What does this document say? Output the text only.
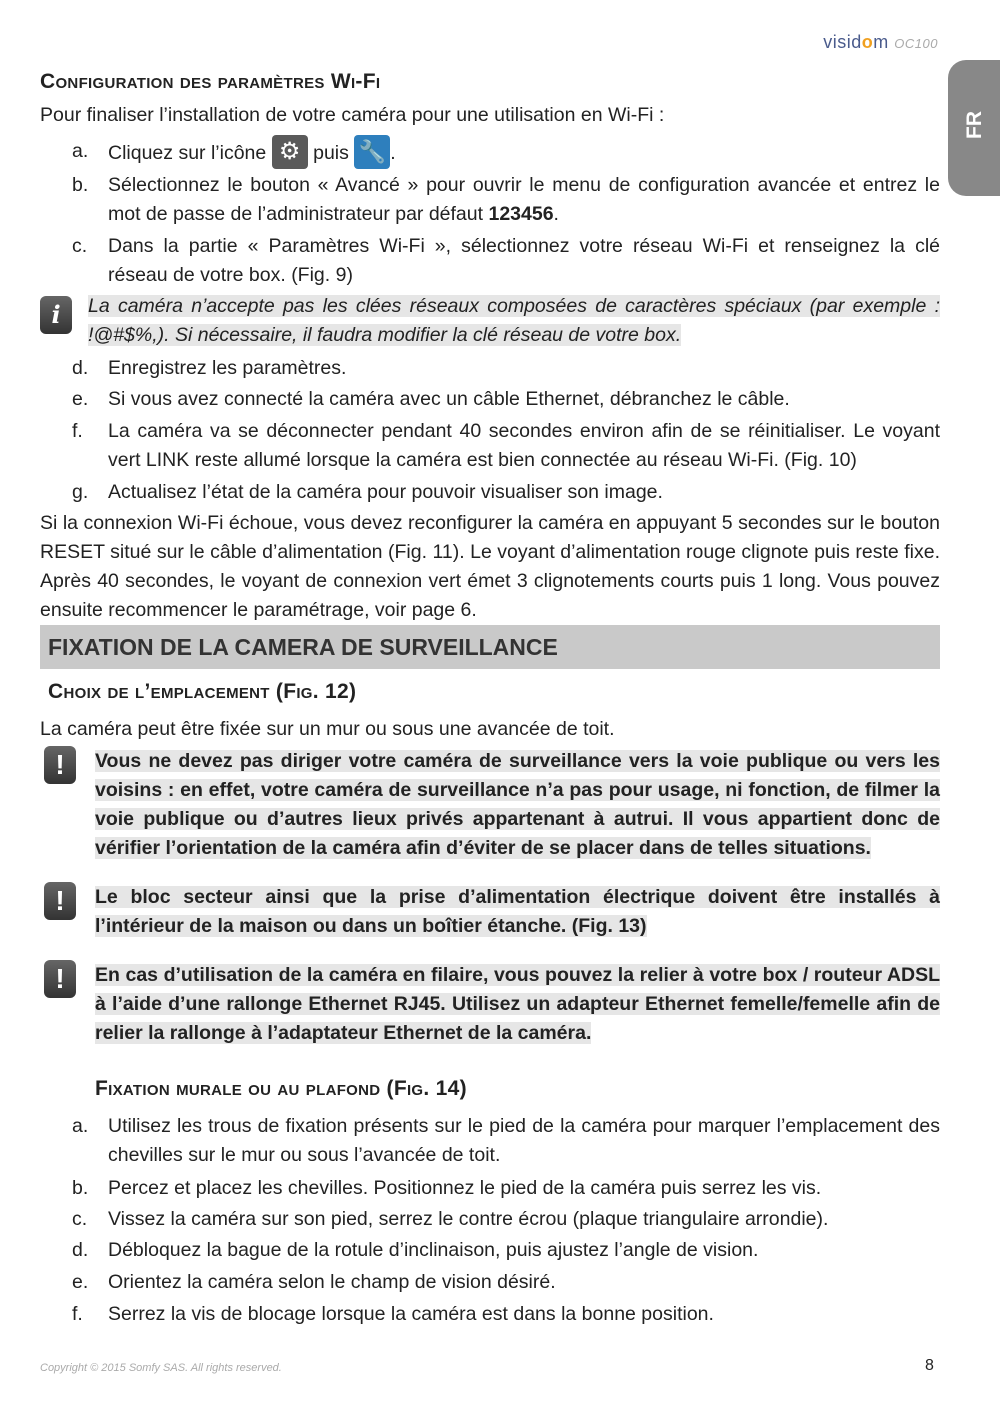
visidom OC100
FR
Configuration des paramètres Wi-Fi
Pour finaliser l’installation de votre caméra pour une utilisation en Wi-Fi :
a. Cliquez sur l’icône ⚙ puis 🔧 .
b. Sélectionnez le bouton « Avancé » pour ouvrir le menu de configuration avancée et entrez le mot de passe de l’administrateur par défaut 123456.
c. Dans la partie « Paramètres Wi-Fi », sélectionnez votre réseau Wi-Fi et renseignez la clé réseau de votre box. (Fig. 9)
i	La caméra n’accepte pas les clées réseaux composées de caractères spéciaux (par exemple : !@#$%,). Si nécessaire, il faudra modifier la clé réseau de votre box.
d. Enregistrez les paramètres.
e. Si vous avez connecté la caméra avec un câble Ethernet, débranchez le câble.
f.	La caméra va se déconnecter pendant 40 secondes environ afin de se réinitialiser. Le voyant vert LINK reste allumé lorsque la caméra est bien connectée au réseau Wi-Fi. (Fig. 10)
g. Actualisez l’état de la caméra pour pouvoir visualiser son image.
Si la connexion Wi-Fi échoue, vous devez reconfigurer la caméra en appuyant 5 secondes sur le bouton RESET situé sur le câble d’alimentation (Fig. 11). Le voyant d’alimentation rouge clignote puis reste fixe. Après 40 secondes, le voyant de connexion vert émet 3 clignotements courts puis 1 long. Vous pouvez ensuite recommencer le paramétrage, voir page 6.
FIXATION DE LA CAMERA DE SURVEILLANCE
Choix de l’emplacement (Fig. 12)
La caméra peut être fixée sur un mur ou sous une avancée de toit.
!	Vous ne devez pas diriger votre caméra de surveillance vers la voie publique ou vers les voisins : en effet, votre caméra de surveillance n’a pas pour usage, ni fonction, de filmer la voie publique ou d’autres lieux privés appartenant à autrui. Il vous appartient donc de vérifier l’orientation de la caméra afin d’éviter de se placer dans de telles situations.
!	Le bloc secteur ainsi que la prise d’alimentation électrique doivent être installés à l’intérieur de la maison ou dans un boîtier étanche. (Fig. 13)
!	En cas d’utilisation de la caméra en filaire, vous pouvez la relier à votre box / routeur ADSL à l’aide d’une rallonge Ethernet RJ45. Utilisez un adapteur Ethernet femelle/femelle afin de relier la rallonge à l’adaptateur Ethernet de la caméra.
Fixation murale ou au plafond (Fig. 14)
a. Utilisez les trous de fixation présents sur le pied de la caméra pour marquer l’emplacement des chevilles sur le mur ou sous l’avancée de toit.
b. Percez et placez les chevilles. Positionnez le pied de la caméra puis serrez les vis.
c. Vissez la caméra sur son pied, serrez le contre écrou (plaque triangulaire arrondie).
d. Débloquez la bague de la rotule d’inclinaison, puis ajustez l’angle de vision.
e. Orientez la caméra selon le champ de vision désiré.
f.	Serrez la vis de blocage lorsque la caméra est dans la bonne position.
Copyright © 2015 Somfy SAS. All rights reserved.	8
